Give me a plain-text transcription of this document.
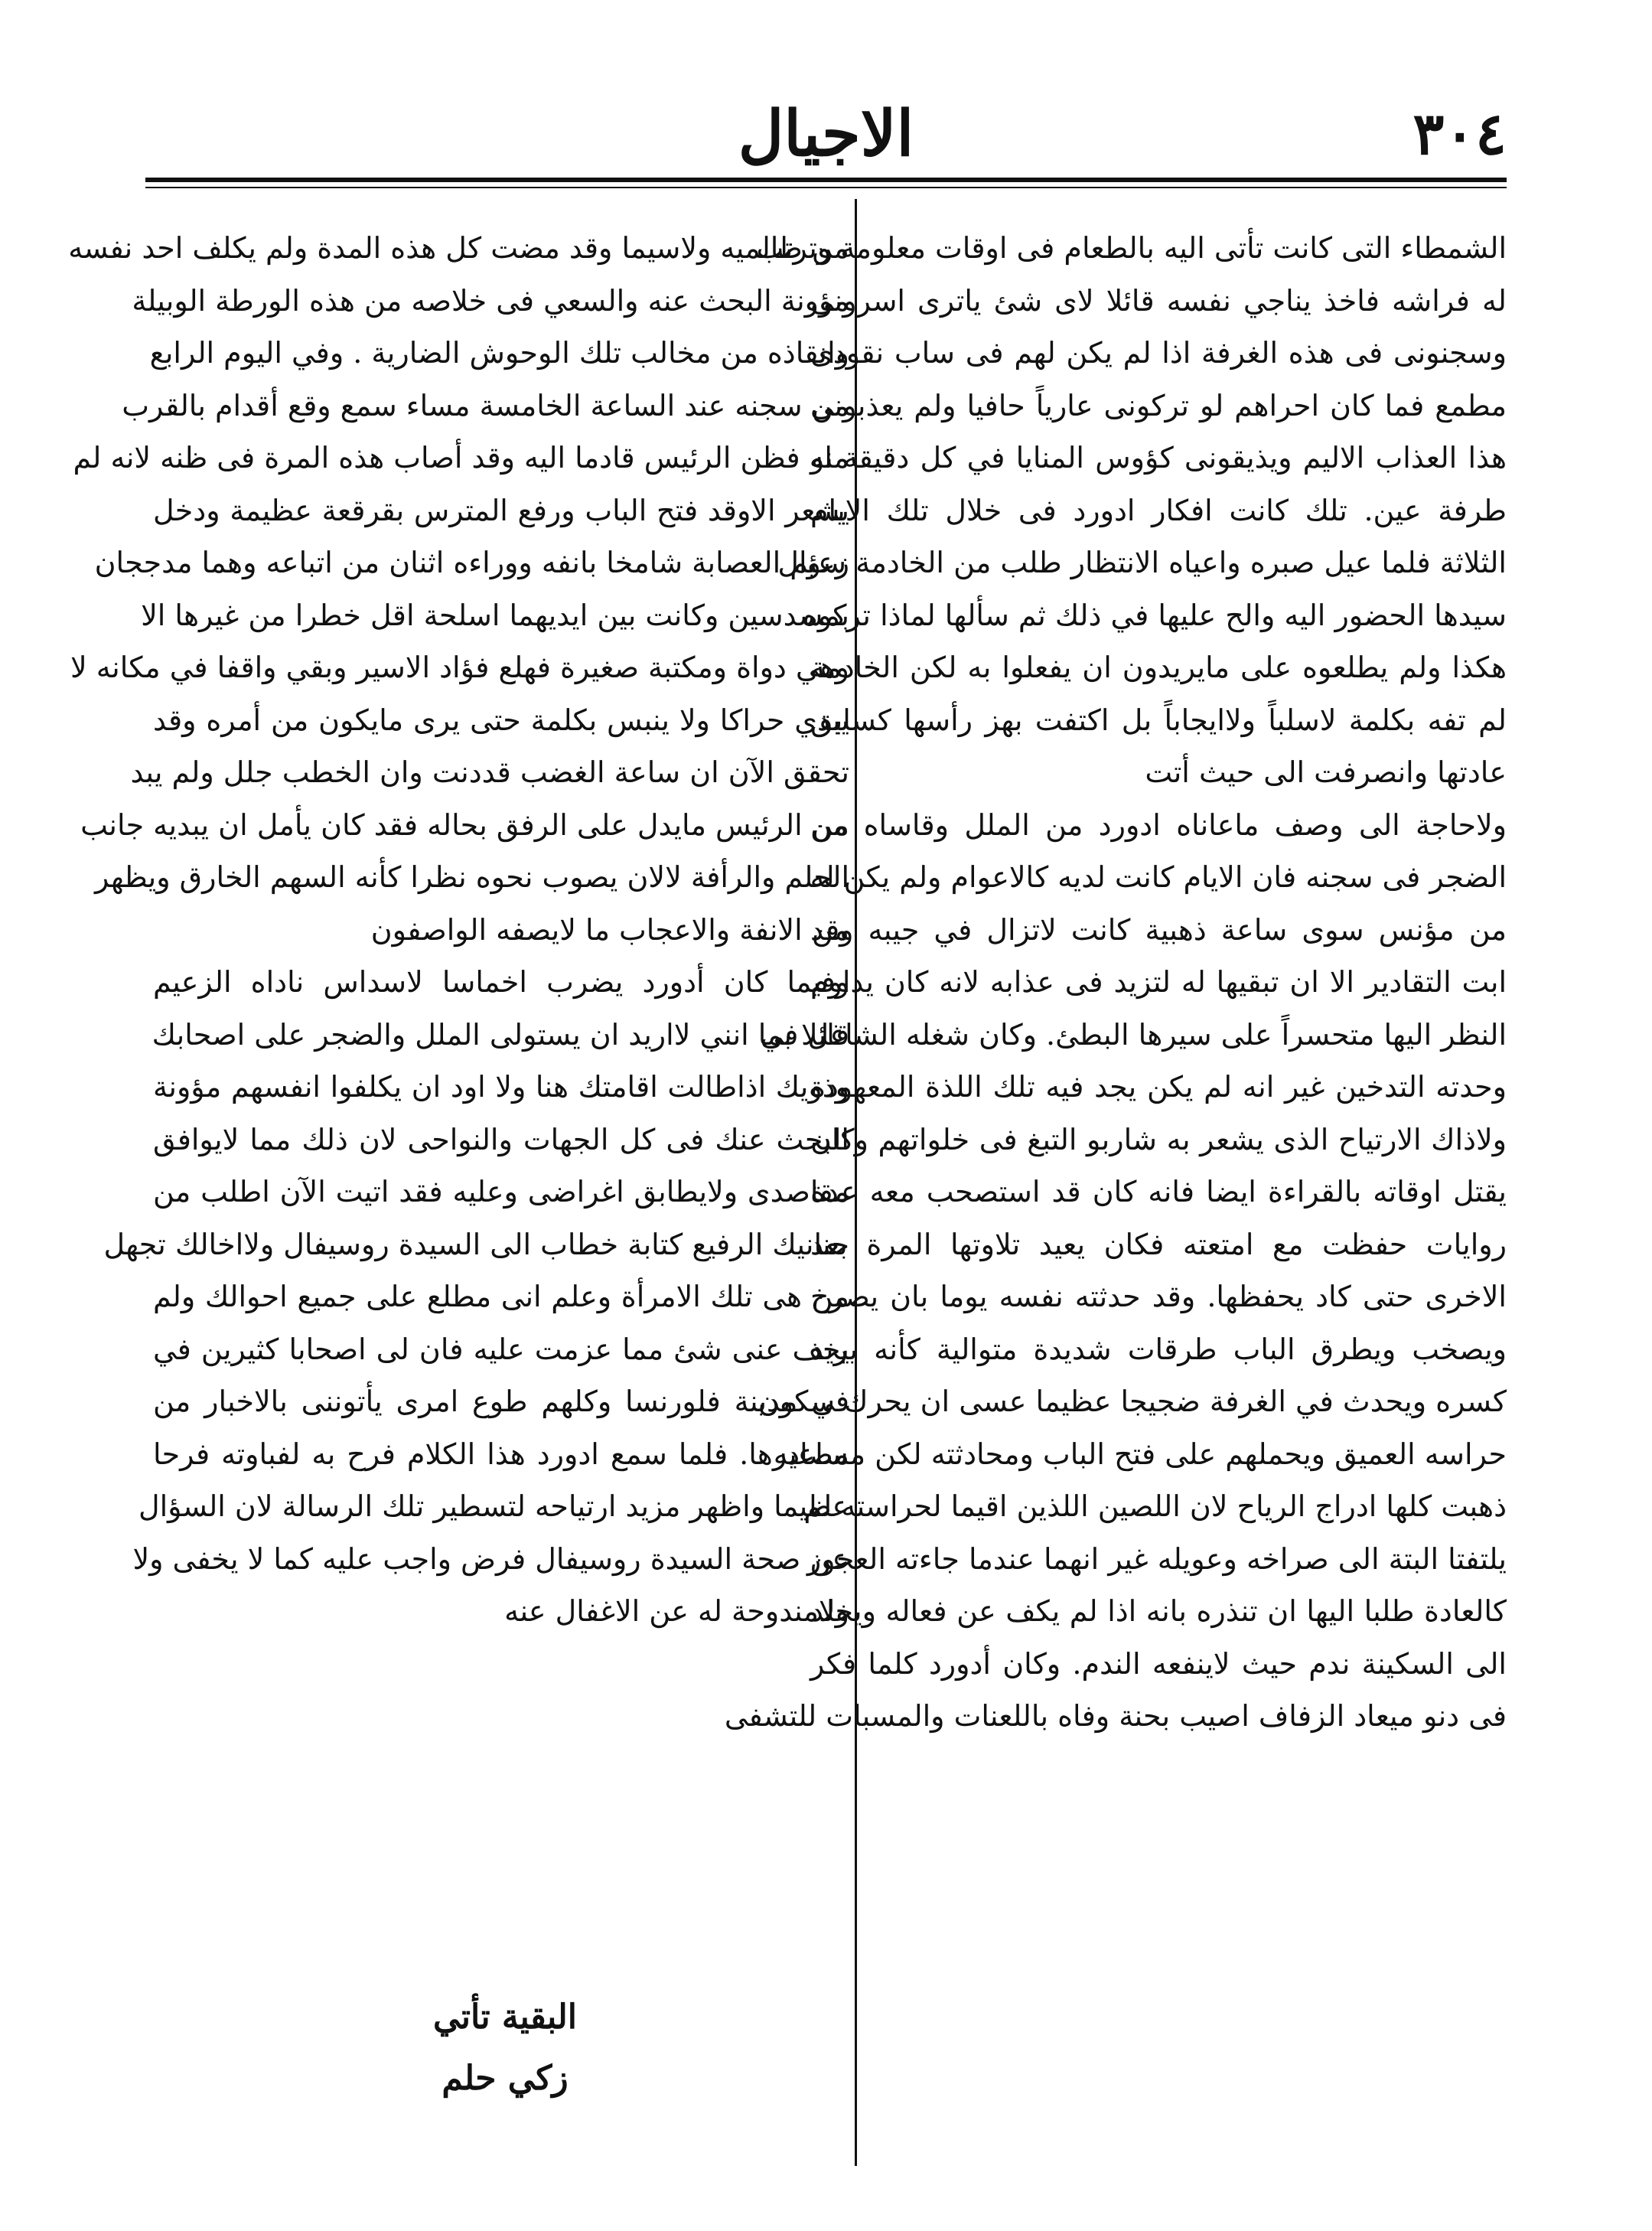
٣٠٤
الاجيال
الشمطاء التى كانت تأتى اليه بالطعام فى اوقات معلومة وترتب
له فراشه فاخذ يناجي نفسه قائلا لاى شئ ياترى اسرونى
وسجنونى فى هذه الغرفة اذا لم يكن لهم فى ساب نقودى
مطمع فما كان احراهم لو تركونى عارياً حافيا ولم يعذبونى
هذا العذاب الاليم ويذيقونى كؤوس المنايا في كل دقيقة او
طرفة عين. تلك كانت افكار ادورد فى خلال تلك الايام
الثلاثة فلما عيل صبره واعياه الانتظار طلب من الخادمة سؤال
سيدها الحضور اليه والح عليها في ذلك ثم سألها لماذا تركوه
هكذا ولم يطلعوه على مايريدون ان يفعلوا به لكن الخادمة
لم تفه بكلمة لاسلباً ولاايجاباً بل اكتفت بهز رأسها كسابق
عادتها وانصرفت الى حيث أتت
ولاحاجة الى وصف ماعاناه ادورد من الملل وقاساه من
الضجر فى سجنه فان الايام كانت لديه كالاعوام ولم يكن له
من مؤنس سوى ساعة ذهبية كانت لاتزال في جيبه وقد
ابت التقادير الا ان تبقيها له لتزيد فى عذابه لانه كان يداوم
النظر اليها متحسراً على سيرها البطئ. وكان شغله الشاغل في
وحدته التدخين غير انه لم يكن يجد فيه تلك اللذة المعهودة
ولاذاك الارتياح الذى يشعر به شاربو التبغ فى خلواتهم وكان
يقتل اوقاته بالقراءة ايضا فانه كان قد استصحب معه عدة
روايات حفظت مع امتعته فكان يعيد تلاوتها المرة بعد
الاخرى حتى كاد يحفظها. وقد حدثته نفسه يوما بان يصرخ
ويصخب ويطرق الباب طرقات شديدة متوالية كأنه يريد
كسره ويحدث في الغرفة ضجيجا عظيما عسى ان يحرك سكون
حراسه العميق ويحملهم على فتح الباب ومحادثته لكن مساعيه
ذهبت كلها ادراج الرياح لان اللصين اللذين اقيما لحراسته لم
يلتفتا البتة الى صراخه وعويله غير انهما عندما جاءته العجوز
كالعادة طلبا اليها ان تنذره بانه اذا لم يكف عن فعاله ويخلد
الى السكينة ندم حيث لاينفعه الندم. وكان أدورد كلما فكر
فى دنو ميعاد الزفاف اصيب بحنة وفاه باللعنات والمسبات للتشفى
من ظالميه ولاسيما وقد مضت كل هذه المدة ولم يكلف احد نفسه
مؤونة البحث عنه والسعي فى خلاصه من هذه الورطة الوبيلة
وانقاذه من مخالب تلك الوحوش الضارية . وفي اليوم الرابع
من سجنه عند الساعة الخامسة مساء سمع وقع أقدام بالقرب
منه فظن الرئيس قادما اليه وقد أصاب هذه المرة فى ظنه لانه لم
يشعر الاوقد فتح الباب ورفع المترس بقرقعة عظيمة ودخل
زعيم العصابة شامخا بانفه ووراءه اثنان من اتباعه وهما مدججان
بمسدسين وكانت بين ايديهما اسلحة اقل خطرا من غيرها الا
وهي دواة ومكتبة صغيرة فهلع فؤاد الاسير وبقي واقفا في مكانه لا
يبدي حراكا ولا ينبس بكلمة حتى يرى مايكون من أمره وقد
تحقق الآن ان ساعة الغضب قددنت وان الخطب جلل ولم يبد
من الرئيس مايدل على الرفق بحاله فقد كان يأمل ان يبديه جانب
الحلم والرأفة لالان يصوب نحوه نظرا كأنه السهم الخارق ويظهر
من الانفة والاعجاب ما لايصفه الواصفون
وفيما كان أدورد يضرب اخماسا لاسداس ناداه الزعيم
قائلا بما انني لااريد ان يستولى الملل والضجر على اصحابك
وذويك اذاطالت اقامتك هنا ولا اود ان يكلفوا انفسهم مؤونة
البحث عنك فى كل الجهات والنواحى لان ذلك مما لايوافق
مقاصدى ولايطابق اغراضى وعليه فقد اتيت الآن اطلب من
حنانيك الرفيع كتابة خطاب الى السيدة روسيفال ولااخالك تجهل
من هى تلك الامرأة وعلم انى مطلع على جميع احوالك ولم
يخف عنى شئ مما عزمت عليه فان لى اصحابا كثيرين في
في مدينة فلورنسا وكلهم طوع امرى يأتوننى بالاخبار من
مصادرها. فلما سمع ادورد هذا الكلام فرح به لفباوته فرحا
عظيما واظهر مزيد ارتياحه لتسطير تلك الرسالة لان السؤال
عن صحة السيدة روسيفال فرض واجب عليه كما لا يخفى ولا
ولامندوحة له عن الاغفال عنه
البقية تأتي
زكي حلم
